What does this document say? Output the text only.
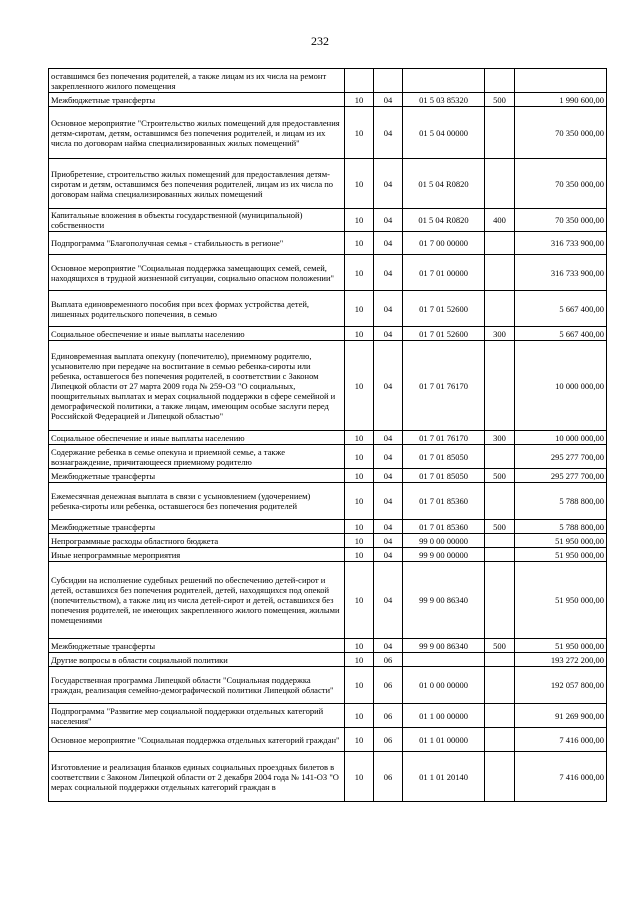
232
оставшимся без попечения родителей, а также лицам из их числа на ремонт закрепленного жилого помещения					
Межбюджетные трансферты	10	04	01 5 03 85320	500	1 990 600,00
Основное мероприятие "Строительство жилых помещений для предоставления детям-сиротам, детям, оставшимся без попечения родителей, и лицам из их числа по договорам найма специализированных жилых помещений"	10	04	01 5 04 00000		70 350 000,00
Приобретение, строительство жилых помещений для предоставления детям-сиротам и детям, оставшимся без попечения родителей, лицам из их числа по договорам найма специализированных жилых помещений	10	04	01 5 04 R0820		70 350 000,00
Капитальные вложения в объекты государственной (муниципальной) собственности	10	04	01 5 04 R0820	400	70 350 000,00
Подпрограмма "Благополучная семья - стабильность в регионе"	10	04	01 7 00 00000		316 733 900,00
Основное мероприятие "Социальная поддержка замещающих семей, семей, находящихся в трудной жизненной ситуации, социально опасном положении"	10	04	01 7 01 00000		316 733 900,00
Выплата единовременного пособия при всех формах устройства детей, лишенных родительского попечения, в семью	10	04	01 7 01 52600		5 667 400,00
Социальное обеспечение и иные выплаты населению	10	04	01 7 01 52600	300	5 667 400,00
Единовременная выплата опекуну (попечителю), приемному родителю, усыновителю при передаче на воспитание в семью ребенка-сироты или ребенка, оставшегося без попечения родителей, в соответствии с Законом Липецкой области от 27 марта 2009 года № 259-ОЗ "О социальных, поощрительных выплатах и мерах социальной поддержки в сфере семейной и демографической политики, а также лицам, имеющим особые заслуги перед Российской Федерацией и Липецкой областью"	10	04	01 7 01 76170		10 000 000,00
Социальное обеспечение и иные выплаты населению	10	04	01 7 01 76170	300	10 000 000,00
Содержание ребенка в семье опекуна и приемной семье, а также вознаграждение, причитающееся приемному родителю	10	04	01 7 01 85050		295 277 700,00
Межбюджетные трансферты	10	04	01 7 01 85050	500	295 277 700,00
Ежемесячная денежная выплата в связи с усыновлением (удочерением) ребенка-сироты или ребенка, оставшегося без попечения родителей	10	04	01 7 01 85360		5 788 800,00
Межбюджетные трансферты	10	04	01 7 01 85360	500	5 788 800,00
Непрограммные расходы областного бюджета	10	04	99 0 00 00000		51 950 000,00
Иные непрограммные мероприятия	10	04	99 9 00 00000		51 950 000,00
Субсидии на исполнение судебных решений по обеспечению детей-сирот и детей, оставшихся без попечения родителей, детей, находящихся под опекой (попечительством), а также лиц из числа детей-сирот и детей, оставшихся без попечения родителей, не имеющих закрепленного жилого помещения, жилыми помещениями	10	04	99 9 00 86340		51 950 000,00
Межбюджетные трансферты	10	04	99 9 00 86340	500	51 950 000,00
Другие вопросы в области социальной политики	10	06			193 272 200,00
Государственная программа Липецкой области "Социальная поддержка граждан, реализация семейно-демографической политики Липецкой области"	10	06	01 0 00 00000		192 057 800,00
Подпрограмма "Развитие мер социальной поддержки отдельных категорий населения"	10	06	01 1 00 00000		91 269 900,00
Основное мероприятие "Социальная поддержка отдельных категорий граждан"	10	06	01 1 01 00000		7 416 000,00
Изготовление и реализация бланков единых социальных проездных билетов в соответствии с Законом Липецкой области от 2 декабря 2004 года № 141-ОЗ "О мерах социальной поддержки отдельных категорий граждан в	10	06	01 1 01 20140		7 416 000,00
